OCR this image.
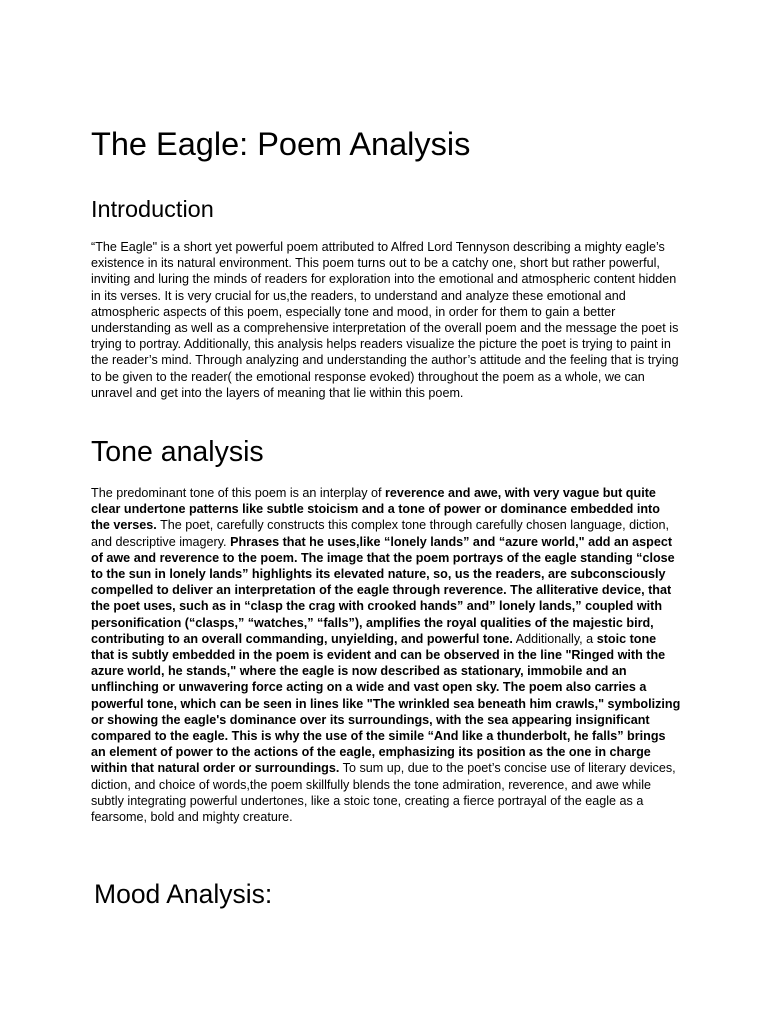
The Eagle: Poem Analysis
Introduction

“The Eagle" is a short yet powerful poem attributed to Alfred Lord Tennyson describing a mighty eagle’s existence in its natural environment. This poem turns out to be a catchy one, short but rather powerful, inviting and luring the minds of readers for exploration into the emotional and atmospheric content hidden in its verses. It is very crucial for us,the readers, to understand and analyze these emotional and atmospheric aspects of this poem, especially tone and mood, in order for them to gain a better understanding as well as a comprehensive interpretation of the overall poem and the message the poet is trying to portray. Additionally, this analysis helps readers visualize the picture the poet is trying to paint in the reader’s mind. Through analyzing and understanding the author’s attitude and the feeling that is trying to be given to the reader( the emotional response evoked) throughout the poem as a whole, we can unravel and get into the layers of meaning that lie within this poem.

Tone analysis

The predominant tone of this poem is an interplay of reverence and awe, with very vague but quite clear undertone patterns like subtle stoicism and a tone of power or dominance embedded into the verses. The poet, carefully constructs this complex tone through carefully chosen language, diction, and descriptive imagery. Phrases that he uses,like “lonely lands” and “azure world," add an aspect of awe and reverence to the poem. The image that the poem portrays of the eagle standing “close to the sun in lonely lands” highlights its elevated nature, so, us the readers, are subconsciously compelled to deliver an interpretation of the eagle through reverence. The alliterative device, that the poet uses, such as in “clasp the crag with crooked hands” and” lonely lands,” coupled with personification (“clasps,” “watches,” “falls”), amplifies the royal qualities of the majestic bird, contributing to an overall commanding, unyielding, and powerful tone. Additionally, a stoic tone that is subtly embedded in the poem is evident and can be observed in the line "Ringed with the azure world, he stands," where the eagle is now described as stationary, immobile and an unflinching or unwavering force acting on a wide and vast open sky. The poem also carries a powerful tone, which can be seen in lines like "The wrinkled sea beneath him crawls," symbolizing or showing the eagle's dominance over its surroundings, with the sea appearing insignificant compared to the eagle. This is why the use of the simile “And like a thunderbolt, he falls” brings an element of power to the actions of the eagle, emphasizing its position as the one in charge within that natural order or surroundings. To sum up, due to the poet’s concise use of literary devices, diction, and choice of words,the poem skillfully blends the tone admiration, reverence, and awe while subtly integrating powerful undertones, like a stoic tone, creating a fierce portrayal of the eagle as a fearsome, bold and mighty creature.

Mood Analysis:
